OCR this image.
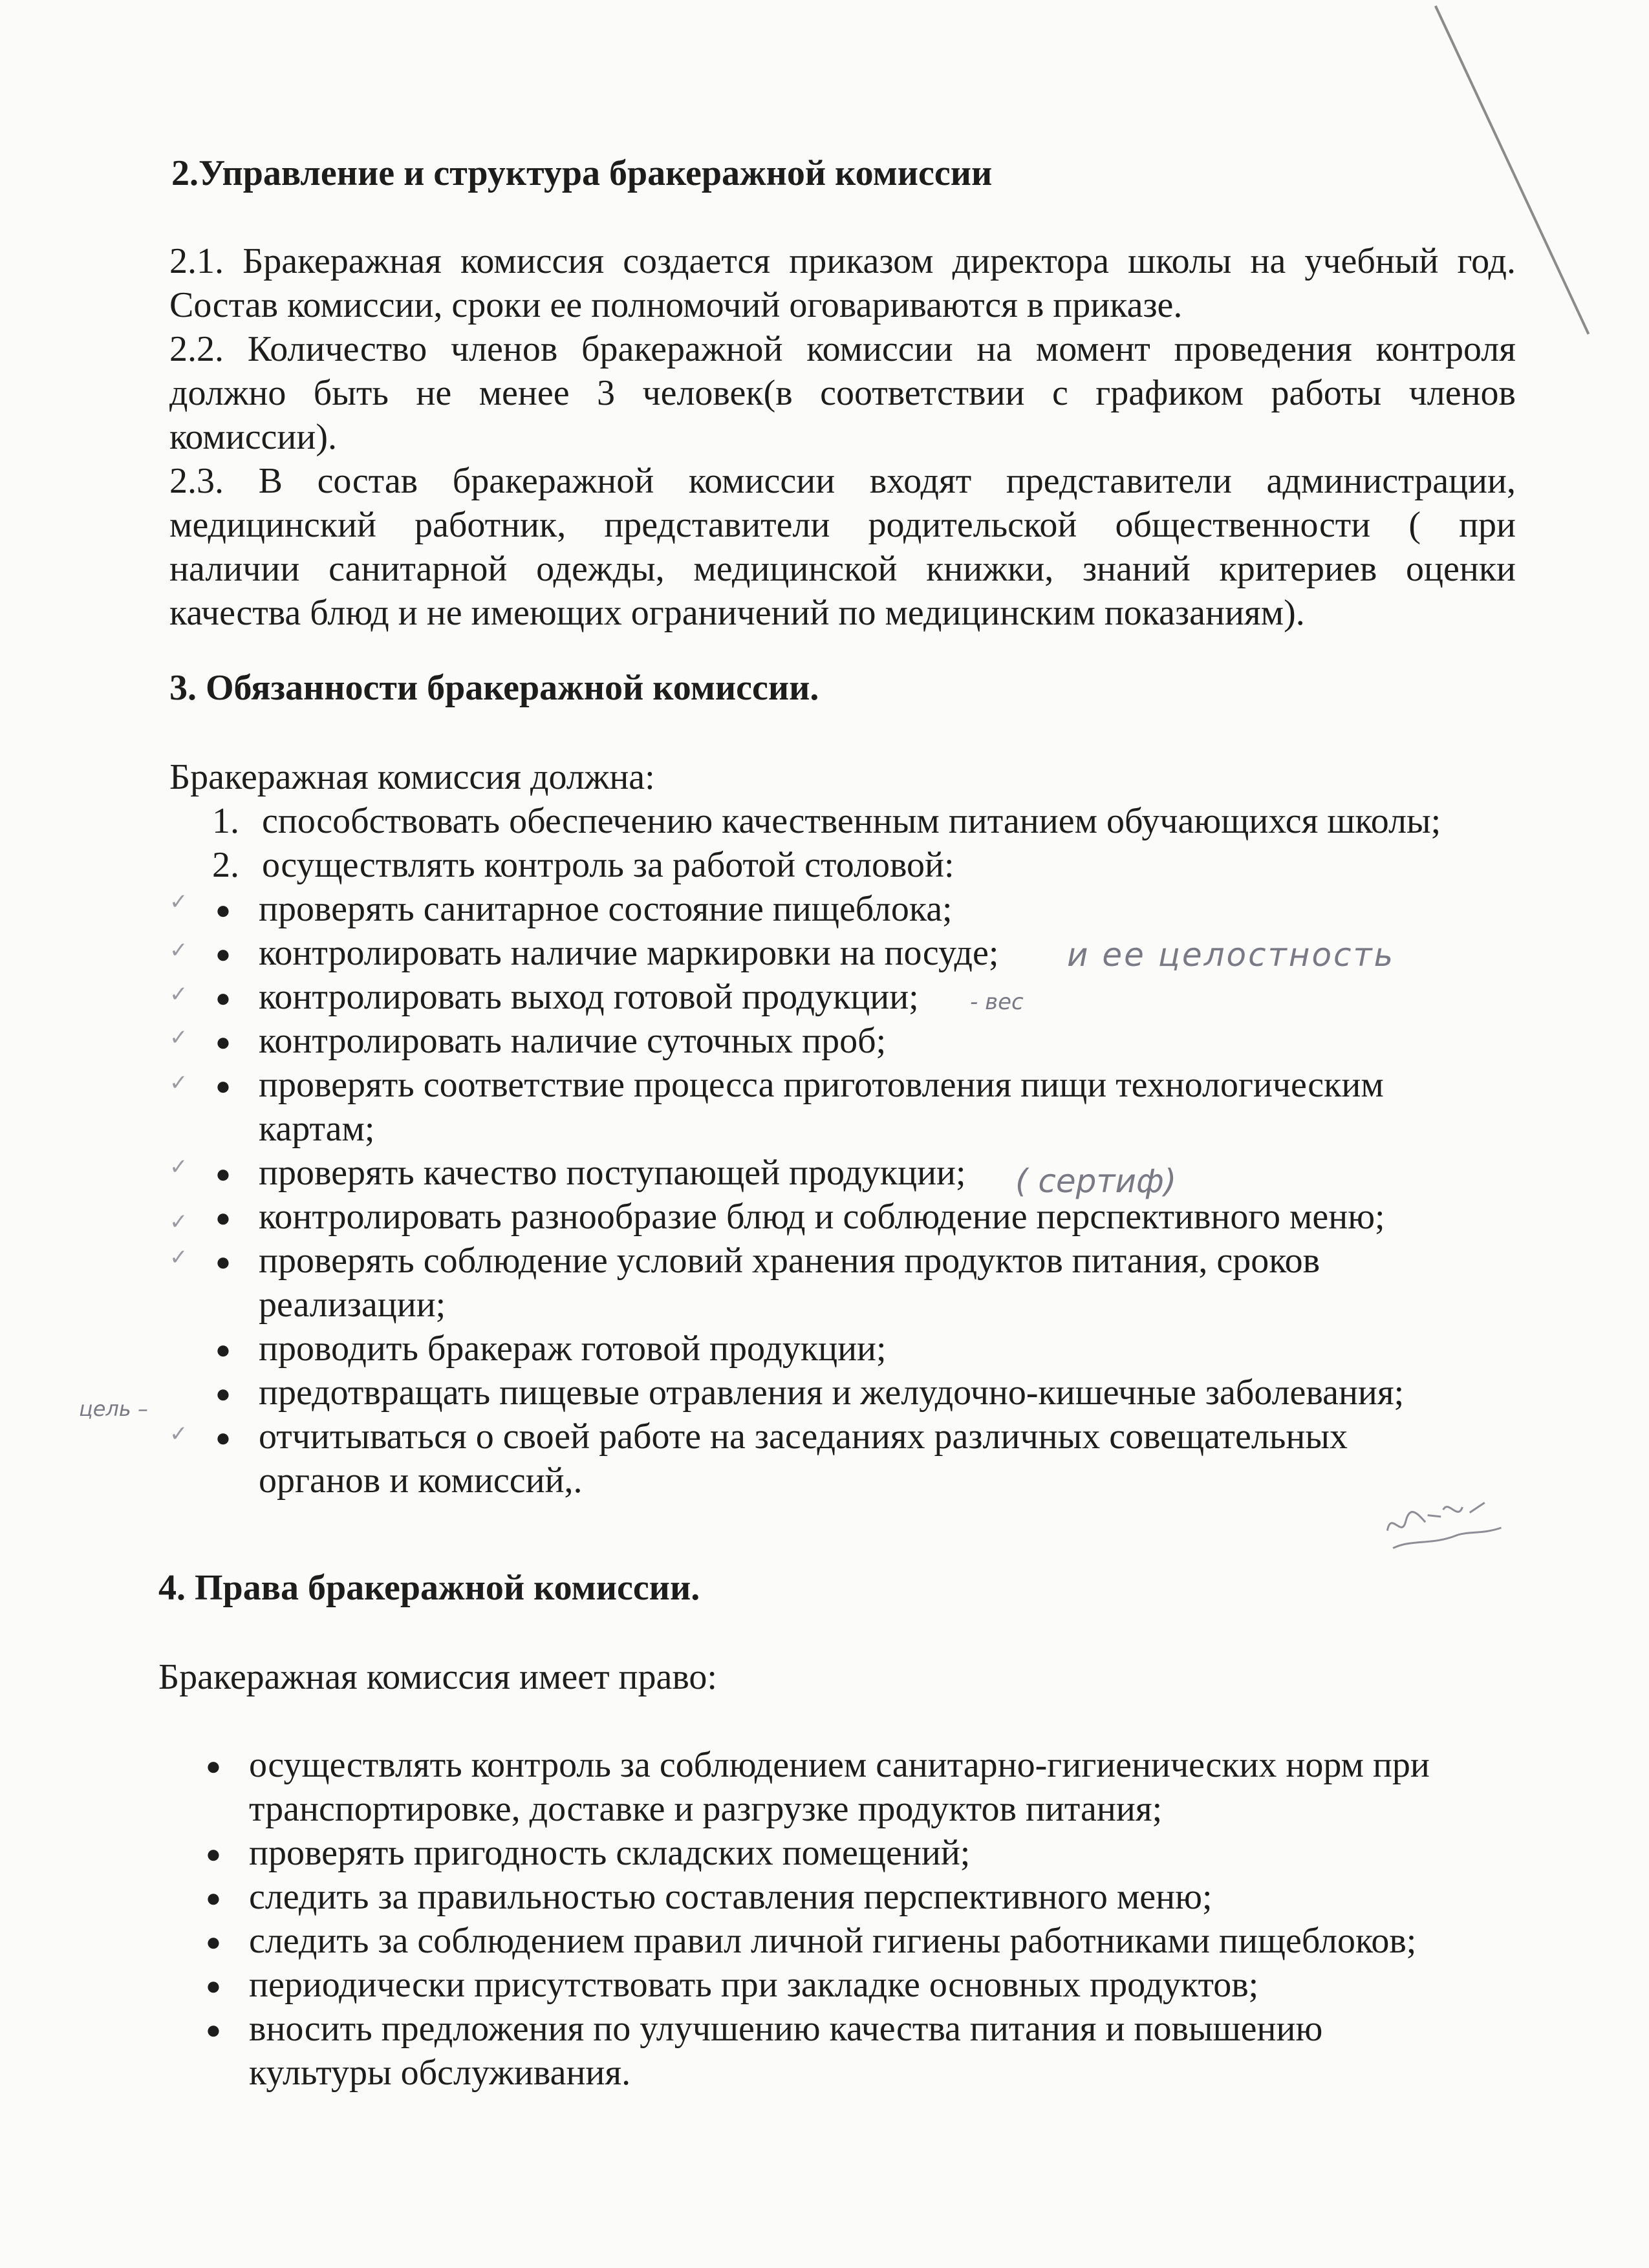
2.Управление и структура бракеражной комиссии

2.1. Бракеражная комиссия создается приказом директора школы на учебный год.

Состав комиссии, сроки ее полномочий оговариваются в приказе.

2.2. Количество членов бракеражной комиссии на момент проведения контроля

должно быть не менее 3 человек(в соответствии с графиком работы членов

комиссии).

2.3. В состав бракеражной комиссии входят представители администрации,

медицинский работник, представители родительской общественности ( при

наличии санитарной одежды, медицинской книжки, знаний критериев оценки

качества блюд и не имеющих ограничений по медицинским показаниям).

3. Обязанности бракеражной комиссии.
Бракеражная комиссия должна:
1. способствовать обеспечению качественным питанием обучающихся школы;
2. осуществлять контроль за работой столовой:
● проверять санитарное состояние пищеблока;
● контролировать наличие маркировки на посуде;
● контролировать выход готовой продукции;
● контролировать наличие суточных проб;
● проверять соответствие процесса приготовления пищи технологическим
картам;
● проверять качество поступающей продукции;
● контролировать разнообразие блюд и соблюдение перспективного меню;
● проверять соблюдение условий хранения продуктов питания, сроков
реализации;
● проводить бракераж готовой продукции;
● предотвращать пищевые отравления и желудочно-кишечные заболевания;
● отчитываться о своей работе на заседаниях различных совещательных
органов и комиссий,.
4. Права бракеражной комиссии.
Бракеражная комиссия имеет право:
● осуществлять контроль за соблюдением санитарно-гигиенических норм при
транспортировке, доставке и разгрузке продуктов питания;
● проверять пригодность складских помещений;
● следить за правильностью составления перспективного меню;
● следить за соблюдением правил личной гигиены работниками пищеблоков;
● периодически присутствовать при закладке основных продуктов;
● вносить предложения по улучшению качества питания и повышению
культуры обслуживания.
и ее целостность
- вес
( сертиф)
цель –
✓
✓
✓
✓
✓
✓
✓
✓
✓
